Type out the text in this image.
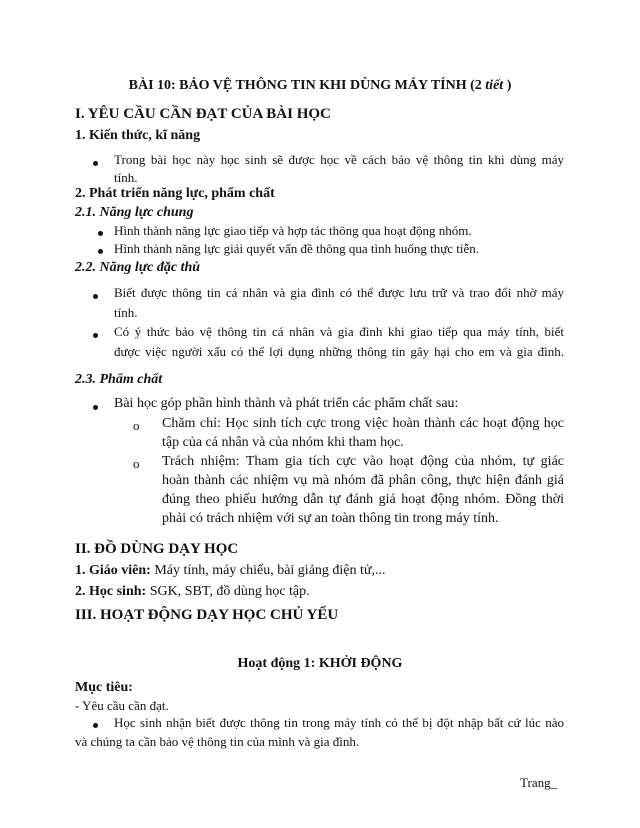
BÀI 10: BẢO VỆ THÔNG TIN KHI DÙNG MÁY TÍNH (2 tiết )
I. YÊU CẦU CẦN ĐẠT CỦA BÀI HỌC
1. Kiến thức, kĩ năng
Trong bài học này học sinh sẽ được học về cách bảo vệ thông tin khi dùng máy
tính.
2. Phát triển năng lực, phẩm chất
2.1. Năng lực chung
Hình thành năng lực giao tiếp và hợp tác thông qua hoạt động nhóm.
Hình thành năng lực giải quyết vấn đề thông qua tình huống thực tiễn.
2.2. Năng lực đặc thù
Biết được thông tin cá nhân và gia đình có thể được lưu trữ và trao đổi nhờ máy
tính.
Có ý thức bảo vệ thông tin cá nhân và gia đình khi giao tiếp qua máy tính, biết
được việc người xấu có thể lợi dụng những thông tin gây hại cho em và gia đình.
2.3. Phẩm chất
Bài học góp phần hình thành và phát triển các phẩm chất sau:
o Chăm chỉ: Học sinh tích cực trong việc hoàn thành các hoạt động học
tập của cá nhân và của nhóm khi tham học.
o Trách nhiệm: Tham gia tích cực vào hoạt động của nhóm, tự giác
hoàn thành các nhiệm vụ mà nhóm đã phân công, thực hiện đánh giá
đúng theo phiếu hướng dẫn tự đánh giá hoạt động nhóm. Đồng thời
phải có trách nhiệm với sự an toàn thông tin trong máy tính.
II. ĐỒ DÙNG DẠY HỌC
1. Giáo viên: Máy tính, máy chiếu, bài giảng điện tử,...
2. Học sinh: SGK, SBT, đồ dùng học tập.
III. HOẠT ĐỘNG DẠY HỌC CHỦ YẾU
Hoạt động 1: KHỞI ĐỘNG
Mục tiêu:
- Yêu cầu cần đạt.
Học sinh nhận biết được thông tin trong máy tính có thể bị đột nhập bất cứ lúc nào
và chúng ta cần bảo vệ thông tin của mình và gia đình.
Trang_
